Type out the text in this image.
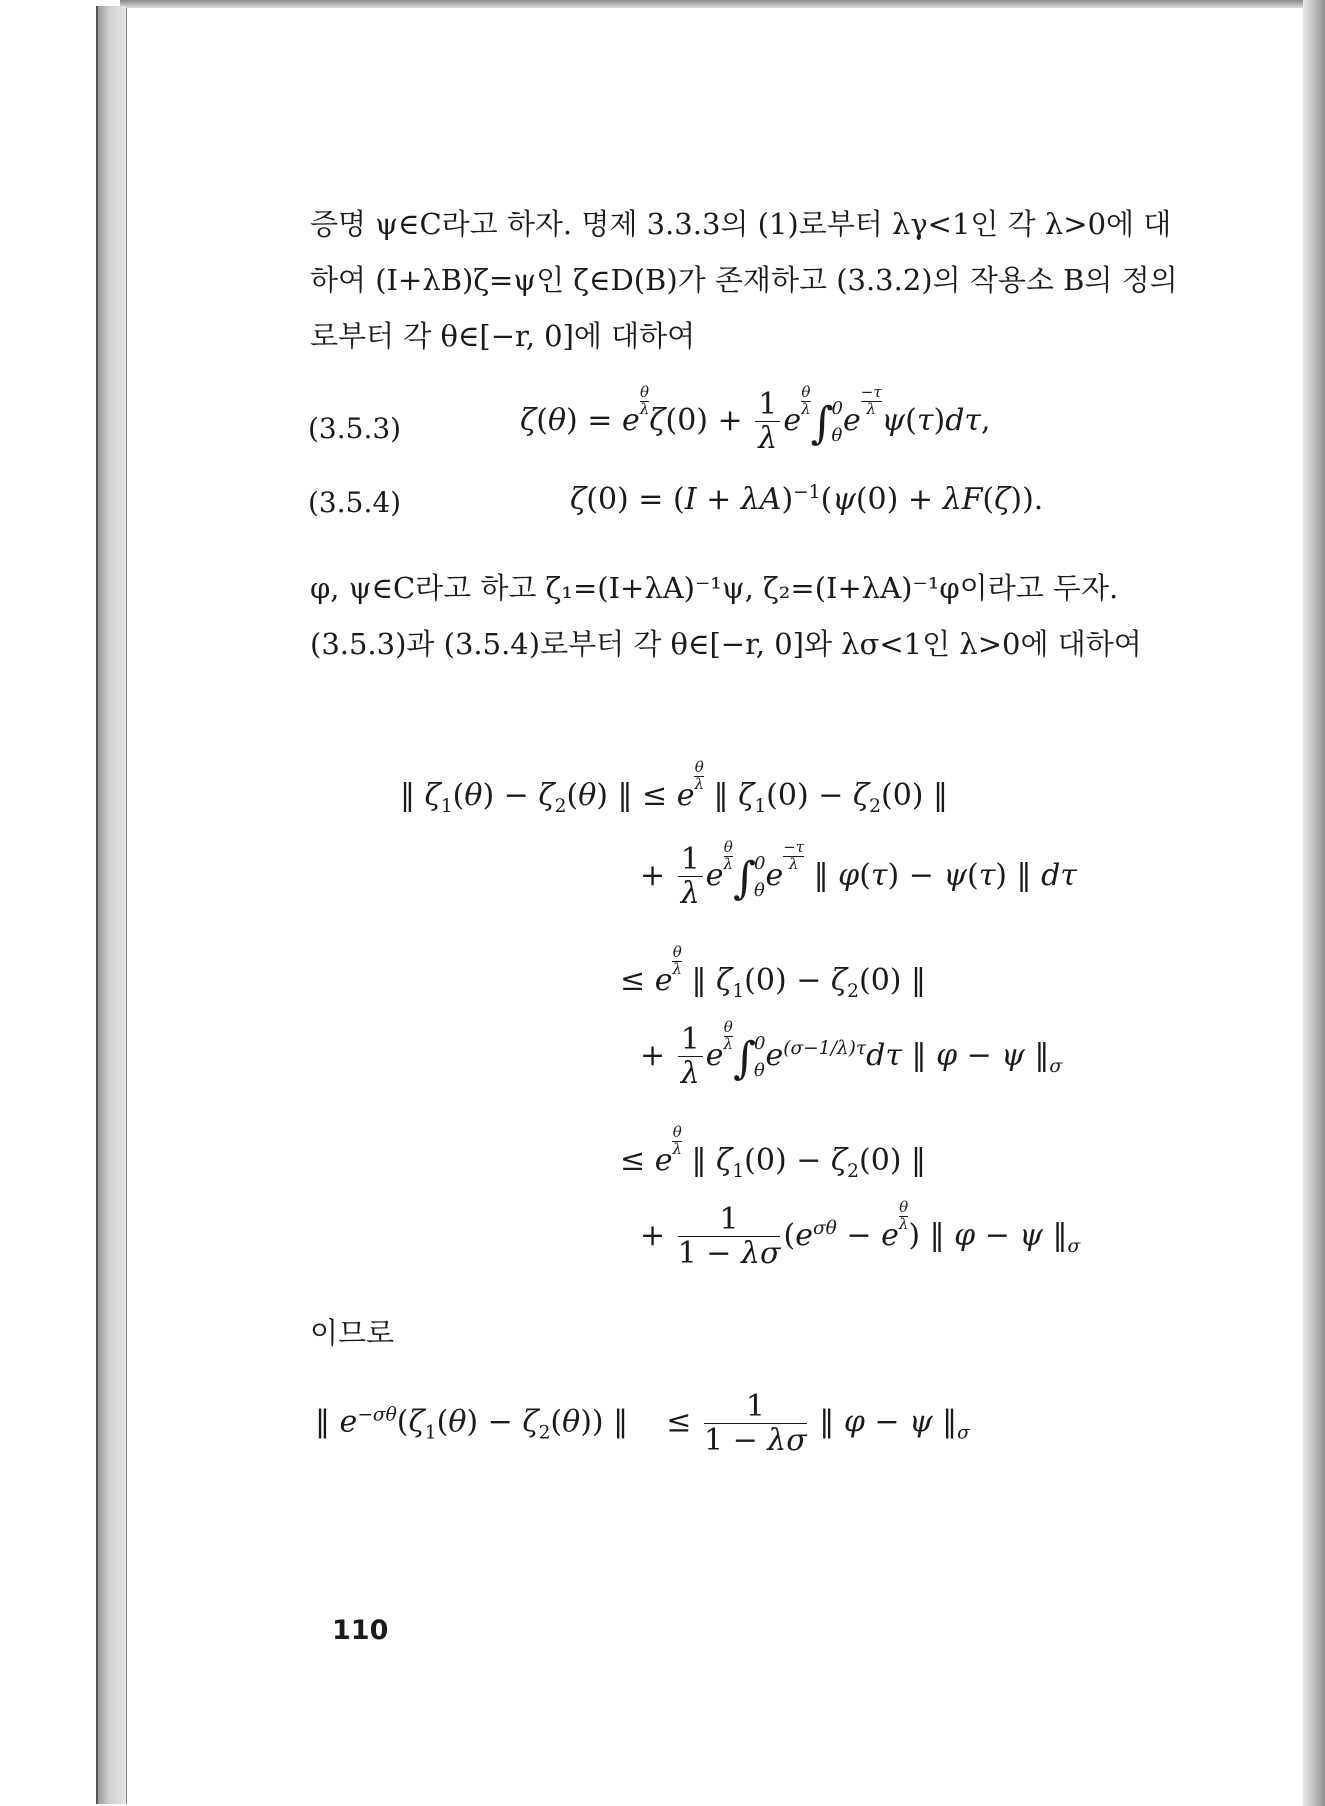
증명 ψ∈C라고 하자. 명제 3.3.3의 (1)로부터 λγ<1인 각 λ>0에 대하여 (I+λB)ζ=ψ인 ζ∈D(B)가 존재하고 (3.3.2)의 작용소 B의 정의로부터 각 θ∈[−r, 0]에 대하여

(3.5.3)	ζ(θ) = e
$\frac{\theta}{\lambda}$
$\zeta(0) + \frac{1}{\lambda}$ e
$\frac{\theta}{\lambda} \int 0$
θe
$\frac{-\tau}{\lambda}$
ψ(τ)dτ,
(3.5.4)	$\zeta(0) = (I + \lambda A)^{-1}(\psi(0) + \lambda F(\zeta))$.

φ, ψ∈C라고 하고 ζ₁=(I+λA)⁻¹ψ, ζ₂=(I+λA)⁻¹φ이라고 두자. (3.5.3)과 (3.5.4)로부터 각 θ∈[−r, 0]와 λσ<1인 λ>0에 대하여

‖ $\zeta_1(\theta) - \zeta_2(\theta)$ ‖ ≤ e
$\frac{\theta}{\lambda}$
‖ $\zeta_1(0) - \zeta_2(0)$ ‖
+ $\frac{1}{\lambda}$ e
$\frac{\theta}{\lambda} \int 0$
θe
$\frac{-\tau}{\lambda}$
‖ φ(τ) − ψ(τ) ‖ dτ
≤ e
$\frac{\theta}{\lambda}$
‖ $\zeta_1(0) - \zeta_2(0)$ ‖
+ $\frac{1}{\lambda}$ e
$\frac{\theta}{\lambda} \int 0$
$\theta e^{(\sigma-1/\lambda)\tau}d\tau$ ‖ φ − ψ $‖_\sigma$
≤ e
$\frac{\theta}{\lambda}$
‖ $\zeta_1(0) - \zeta_2(0)$ ‖
+ $\frac{1}{1 - \lambda\sigma} (e^{\sigma\theta} - e$
$\frac{\theta}{\lambda}$
) ‖ φ − ψ $‖_\sigma$

이므로

‖ $e^{-\sigma\theta}(\zeta_1(\theta) - \zeta_2(\theta))$ ‖    ≤ $\frac{1}{1 - \lambda\sigma}$ ‖ φ − ψ $‖_\sigma$
110
